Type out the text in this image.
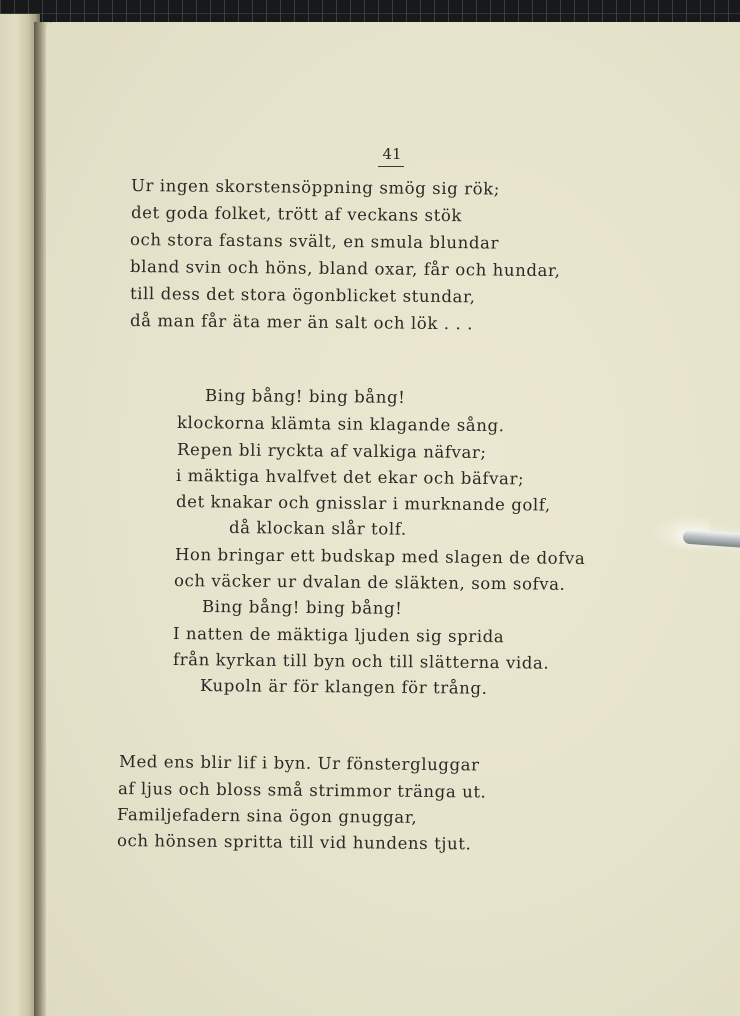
41
Ur ingen skorstensöppning smög sig rök;
det goda folket, trött af veckans stök
och stora fastans svält, en smula blundar
bland svin och höns, bland oxar, får och hundar,
till dess det stora ögonblicket stundar,
då man får äta mer än salt och lök . . .
Bing bång! bing bång!
klockorna klämta sin klagande sång.
Repen bli ryckta af valkiga näfvar;
i mäktiga hvalfvet det ekar och bäfvar;
det knakar och gnisslar i murknande golf,
då klockan slår tolf.
Hon bringar ett budskap med slagen de dofva
och väcker ur dvalan de släkten, som sofva.
Bing bång! bing bång!
I natten de mäktiga ljuden sig sprida
från kyrkan till byn och till slätterna vida.
Kupoln är för klangen för trång.
Med ens blir lif i byn. Ur fönstergluggar
af ljus och bloss små strimmor tränga ut.
Familjefadern sina ögon gnuggar,
och hönsen spritta till vid hundens tjut.
